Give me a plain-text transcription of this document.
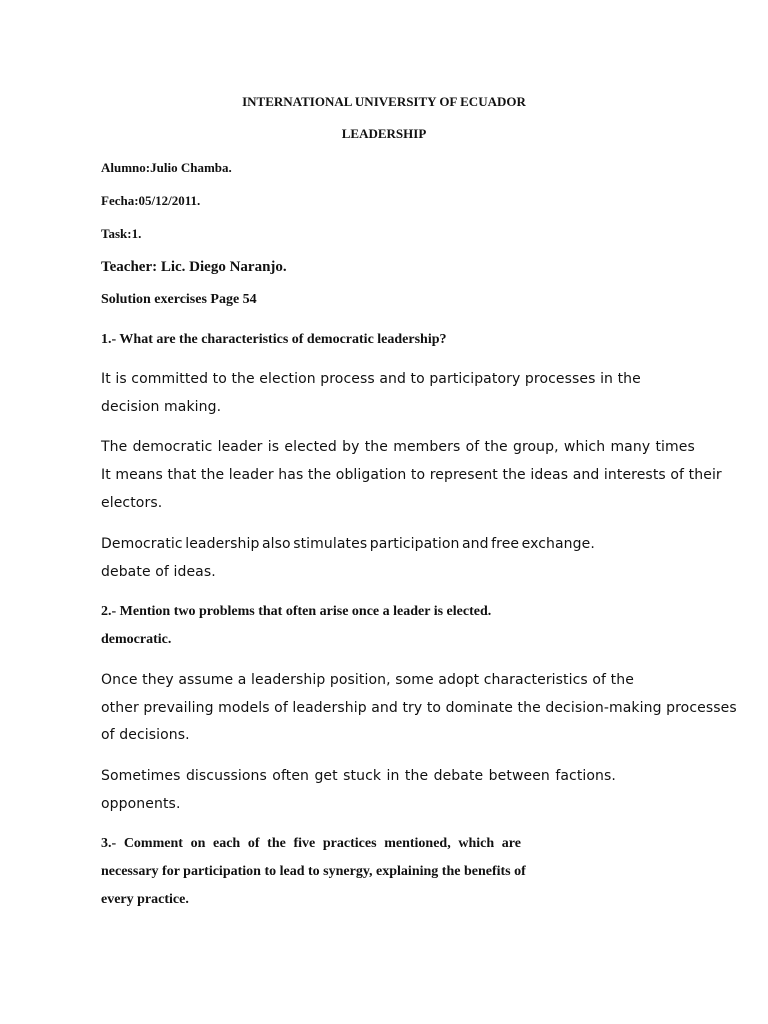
INTERNATIONAL UNIVERSITY OF ECUADOR
LEADERSHIP
Alumno:Julio Chamba.
Fecha:05/12/2011.
Task:1.
Teacher: Lic. Diego Naranjo.
Solution exercises Page 54
1.- What are the characteristics of democratic leadership?
It is committed to the election process and to participatory processes in the
decision making.
The democratic leader is elected by the members of the group, which many times
It means that the leader has the obligation to represent the ideas and interests of their
electors.
Democratic leadership also stimulates participation and free exchange.
debate of ideas.
2.- Mention two problems that often arise once a leader is elected.
democratic.
Once they assume a leadership position, some adopt characteristics of the
other prevailing models of leadership and try to dominate the decision-making processes
of decisions.
Sometimes discussions often get stuck in the debate between factions.
opponents.
3.- Comment on each of the five practices mentioned, which are
necessary for participation to lead to synergy, explaining the benefits of
every practice.
